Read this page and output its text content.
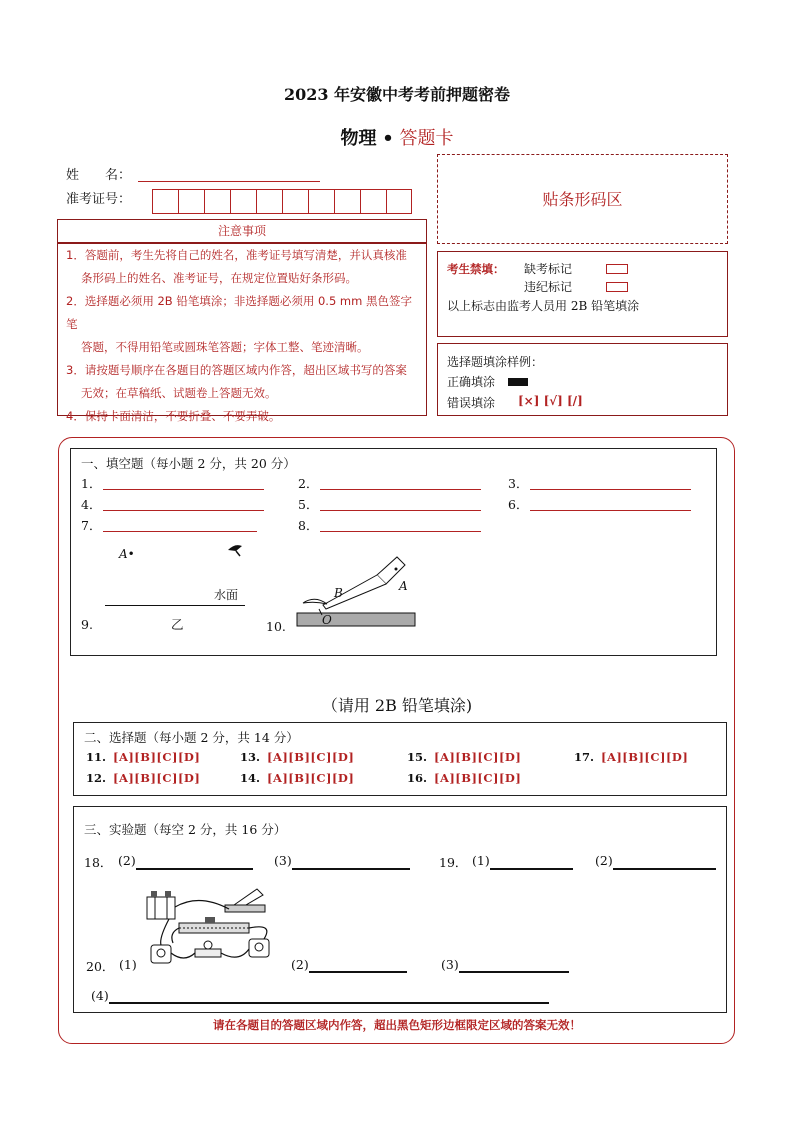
2023 年安徽中考考前押题密卷
物理 • 答题卡
姓　　名：
准考证号：	贴条形码区
注意事项

1．答题前，考生先将自己的姓名，准考证号填写清楚，并认真核准

条形码上的姓名、准考证号，在规定位置贴好条形码。

2．选择题必须用 2B 铅笔填涂；非选择题必须用 0.5 mm 黑色签字笔

答题，不得用铅笔或圆珠笔答题；字体工整、笔迹清晰。

3．请按题号顺序在各题目的答题区域内作答，超出区域书写的答案

无效；在草稿纸、试题卷上答题无效。

4．保持卡面清洁，不要折叠、不要弄破。

考生禁填： 缺考标记
违纪标记
以上标志由监考人员用 2B 铅笔填涂
选择题填涂样例：
正确填涂
错误填涂 [×] [√] [/]
一、填空题（每小题 2 分，共 20 分）
1．	2．	3．
4．	5．	6．
7．	8．
A•
水面
9.	乙	10.
B	A
O
（请用 2B 铅笔填涂)
二、选择题（每小题 2 分，共 14 分）
11. [A][B][C][D]	13. [A][B][C][D]	15. [A][B][C][D]	17. [A][B][C][D]
12. [A][B][C][D]	14. [A][B][C][D]	16. [A][B][C][D]
三、实验题（每空 2 分，共 16 分）
18． (2)	(3)	19． (1)	(2)
20． (1)	(2)	(3)
(4)
请在各题目的答题区域内作答，超出黑色矩形边框限定区域的答案无效！
